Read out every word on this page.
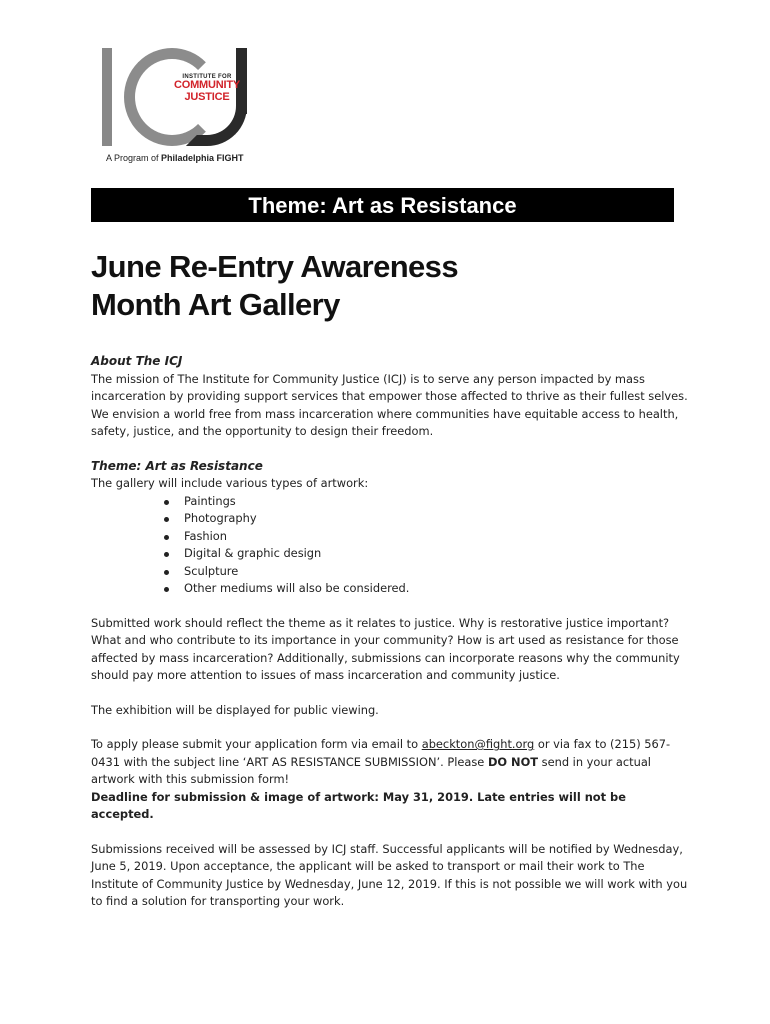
INSTITUTE FOR
COMMUNITY
JUSTICE
A Program of Philadelphia FIGHT
Theme: Art as Resistance
June Re-Entry Awareness
Month Art Gallery

About The ICJ

The mission of The Institute for Community Justice (ICJ) is to serve any person impacted by mass incarceration by providing support services that empower those affected to thrive as their fullest selves. We envision a world free from mass incarceration where communities have equitable access to health, safety, justice, and the opportunity to design their freedom.

Theme: Art as Resistance

The gallery will include various types of artwork:

Paintings
Photography
Fashion
Digital & graphic design
Sculpture
Other mediums will also be considered.

Submitted work should reflect the theme as it relates to justice. Why is restorative justice important? What and who contribute to its importance in your community? How is art used as resistance for those affected by mass incarceration? Additionally, submissions can incorporate reasons why the community should pay more attention to issues of mass incarceration and community justice.

The exhibition will be displayed for public viewing.

To apply please submit your application form via email to abeckton@fight.org or via fax to (215) 567-0431 with the subject line ‘ART AS RESISTANCE SUBMISSION’. Please DO NOT send in your actual artwork with this submission form!

Deadline for submission & image of artwork: May 31, 2019. Late entries will not be accepted.

Submissions received will be assessed by ICJ staff. Successful applicants will be notified by Wednesday, June 5, 2019. Upon acceptance, the applicant will be asked to transport or mail their work to The Institute of Community Justice by Wednesday, June 12, 2019. If this is not possible we will work with you to find a solution for transporting your work.
